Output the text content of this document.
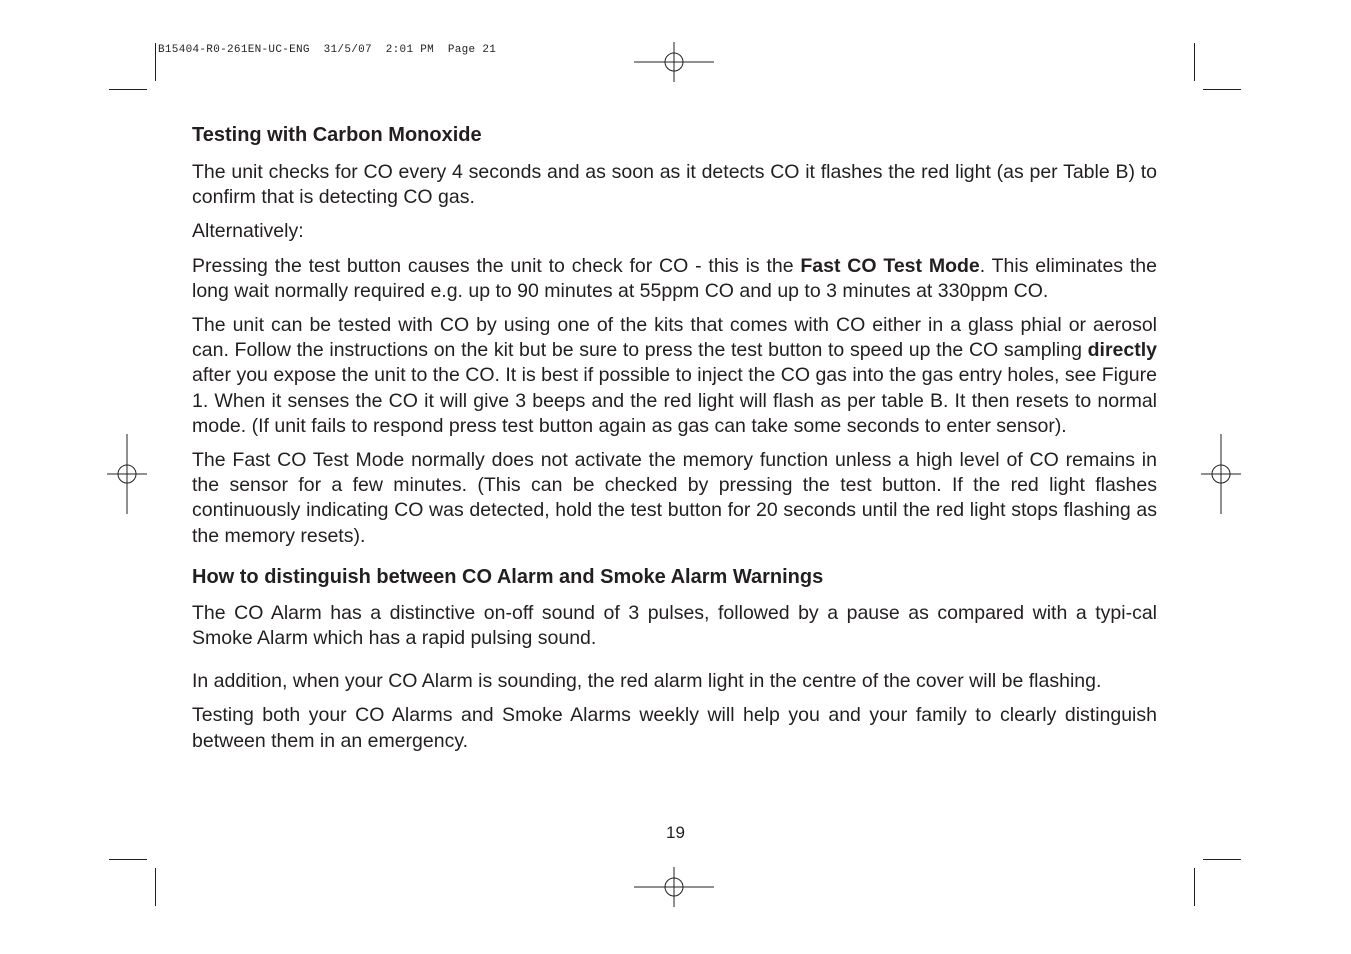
B15404-R0-261EN-UC-ENG  31/5/07  2:01 PM  Page 21
Testing with Carbon Monoxide

The unit checks for CO every 4 seconds and as soon as it detects CO it flashes the red light (as per Table B) to confirm that is detecting CO gas.

Alternatively:

Pressing the test button causes the unit to check for CO - this is the Fast CO Test Mode. This eliminates the long wait normally required e.g. up to 90 minutes at 55ppm CO and up to 3 minutes at 330ppm CO.

The unit can be tested with CO by using one of the kits that comes with CO either in a glass phial or aerosol can. Follow the instructions on the kit but be sure to press the test button to speed up the CO sampling directly after you expose the unit to the CO. It is best if possible to inject the CO gas into the gas entry holes, see Figure 1. When it senses the CO it will give 3 beeps and the red light will flash as per table B. It then resets to normal mode. (If unit fails to respond press test button again as gas can take some seconds to enter sensor).

The Fast CO Test Mode normally does not activate the memory function unless a high level of CO remains in the sensor for a few minutes. (This can be checked by pressing the test button. If the red light flashes continuously indicating CO was detected, hold the test button for 20 seconds until the red light stops flashing as the memory resets).

How to distinguish between CO Alarm and Smoke Alarm Warnings

The CO Alarm has a distinctive on-off sound of 3 pulses, followed by a pause as compared with a typi-cal Smoke Alarm which has a rapid pulsing sound.

In addition, when your CO Alarm is sounding, the red alarm light in the centre of the cover will be flashing.

Testing both your CO Alarms and Smoke Alarms weekly will help you and your family to clearly distinguish between them in an emergency.

19
